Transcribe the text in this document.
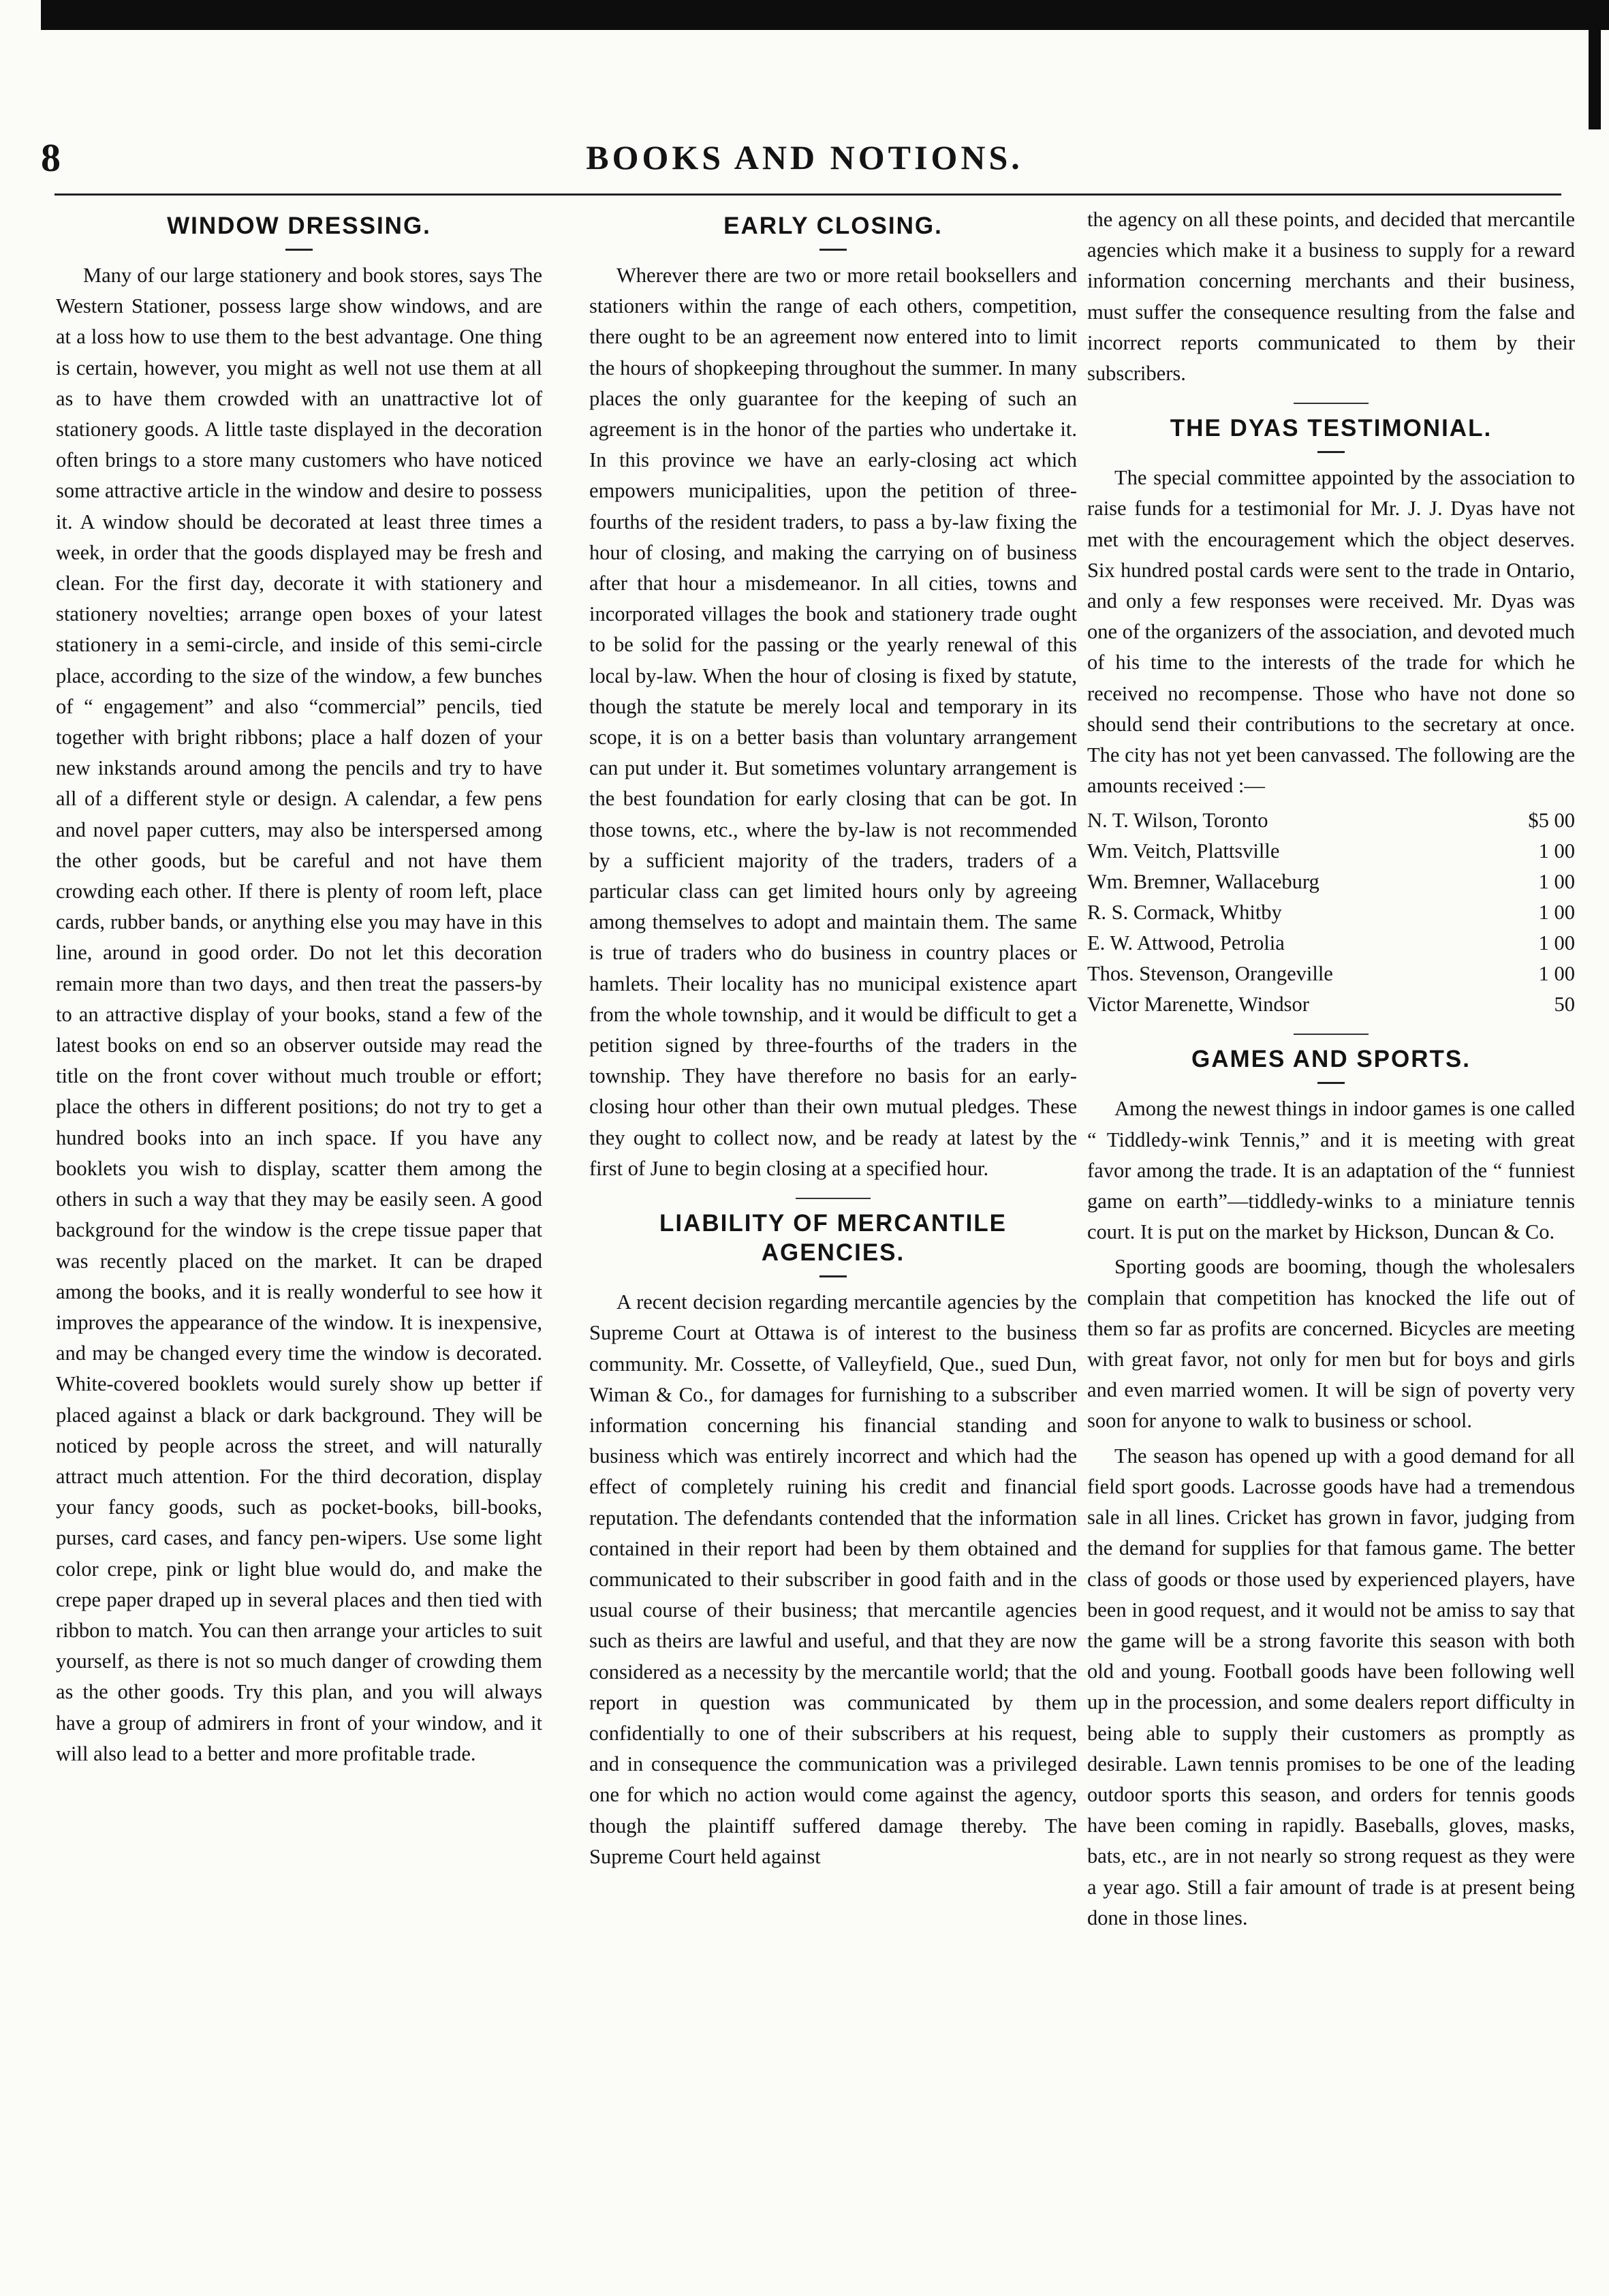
8	BOOKS AND NOTIONS.
WINDOW DRESSING.

Many of our large stationery and book stores, says The Western Stationer, possess large show windows, and are at a loss how to use them to the best advantage. One thing is certain, however, you might as well not use them at all as to have them crowded with an unattractive lot of stationery goods. A little taste displayed in the decoration often brings to a store many customers who have noticed some attractive article in the window and desire to possess it. A window should be decorated at least three times a week, in order that the goods displayed may be fresh and clean. For the first day, decorate it with stationery and stationery novelties; arrange open boxes of your latest stationery in a semi-circle, and inside of this semi-circle place, according to the size of the window, a few bunches of “ engagement” and also “commercial” pencils, tied together with bright ribbons; place a half dozen of your new inkstands around among the pencils and try to have all of a different style or design. A calendar, a few pens and novel paper cutters, may also be interspersed among the other goods, but be careful and not have them crowding each other. If there is plenty of room left, place cards, rubber bands, or anything else you may have in this line, around in good order. Do not let this decoration remain more than two days, and then treat the passers-by to an attractive display of your books, stand a few of the latest books on end so an observer outside may read the title on the front cover without much trouble or effort; place the others in different positions; do not try to get a hundred books into an inch space. If you have any booklets you wish to display, scatter them among the others in such a way that they may be easily seen. A good background for the window is the crepe tissue paper that was recently placed on the market. It can be draped among the books, and it is really wonderful to see how it improves the appearance of the window. It is inexpensive, and may be changed every time the window is decorated. White-covered booklets would surely show up better if placed against a black or dark background. They will be noticed by people across the street, and will naturally attract much attention. For the third decoration, display your fancy goods, such as pocket-books, bill-books, purses, card cases, and fancy pen-wipers. Use some light color crepe, pink or light blue would do, and make the crepe paper draped up in several places and then tied with ribbon to match. You can then arrange your articles to suit yourself, as there is not so much danger of crowding them as the other goods. Try this plan, and you will always have a group of admirers in front of your window, and it will also lead to a better and more profitable trade.

EARLY CLOSING.

Wherever there are two or more retail booksellers and stationers within the range of each others, competition, there ought to be an agreement now entered into to limit the hours of shopkeeping throughout the summer. In many places the only guarantee for the keeping of such an agreement is in the honor of the parties who undertake it. In this province we have an early-closing act which empowers municipalities, upon the petition of three-fourths of the resident traders, to pass a by-law fixing the hour of closing, and making the carrying on of business after that hour a misdemeanor. In all cities, towns and incorporated villages the book and stationery trade ought to be solid for the passing or the yearly renewal of this local by-law. When the hour of closing is fixed by statute, though the statute be merely local and temporary in its scope, it is on a better basis than voluntary arrangement can put under it. But sometimes voluntary arrangement is the best foundation for early closing that can be got. In those towns, etc., where the by-law is not recommended by a sufficient majority of the traders, traders of a particular class can get limited hours only by agreeing among themselves to adopt and maintain them. The same is true of traders who do business in country places or hamlets. Their locality has no municipal existence apart from the whole township, and it would be difficult to get a petition signed by three-fourths of the traders in the township. They have therefore no basis for an early-closing hour other than their own mutual pledges. These they ought to collect now, and be ready at latest by the first of June to begin closing at a specified hour.

LIABILITY OF MERCANTILE AGENCIES.

A recent decision regarding mercantile agencies by the Supreme Court at Ottawa is of interest to the business community. Mr. Cossette, of Valleyfield, Que., sued Dun, Wiman & Co., for damages for furnishing to a subscriber information concerning his financial standing and business which was entirely incorrect and which had the effect of completely ruining his credit and financial reputation. The defendants contended that the information contained in their report had been by them obtained and communicated to their subscriber in good faith and in the usual course of their business; that mercantile agencies such as theirs are lawful and useful, and that they are now considered as a necessity by the mercantile world; that the report in question was communicated by them confidentially to one of their subscribers at his request, and in consequence the communication was a privileged one for which no action would come against the agency, though the plaintiff suffered damage thereby. The Supreme Court held against

the agency on all these points, and decided that mercantile agencies which make it a business to supply for a reward information concerning merchants and their business, must suffer the consequence resulting from the false and incorrect reports communicated to them by their subscribers.

THE DYAS TESTIMONIAL.

The special committee appointed by the association to raise funds for a testimonial for Mr. J. J. Dyas have not met with the encouragement which the object deserves. Six hundred postal cards were sent to the trade in Ontario, and only a few responses were received. Mr. Dyas was one of the organizers of the association, and devoted much of his time to the interests of the trade for which he received no recompense. Those who have not done so should send their contributions to the secretary at once. The city has not yet been canvassed. The following are the amounts received :—

N. T. Wilson, Toronto	$5 00
Wm. Veitch, Plattsville	1 00
Wm. Bremner, Wallaceburg	1 00
R. S. Cormack, Whitby	1 00
E. W. Attwood, Petrolia	1 00
Thos. Stevenson, Orangeville	1 00
Victor Marenette, Windsor	50
GAMES AND SPORTS.

Among the newest things in indoor games is one called “ Tiddledy-wink Tennis,” and it is meeting with great favor among the trade. It is an adaptation of the “ funniest game on earth”—tiddledy-winks to a miniature tennis court. It is put on the market by Hickson, Duncan & Co.

Sporting goods are booming, though the wholesalers complain that competition has knocked the life out of them so far as profits are concerned. Bicycles are meeting with great favor, not only for men but for boys and girls and even married women. It will be sign of poverty very soon for anyone to walk to business or school.

The season has opened up with a good demand for all field sport goods. Lacrosse goods have had a tremendous sale in all lines. Cricket has grown in favor, judging from the demand for supplies for that famous game. The better class of goods or those used by experienced players, have been in good request, and it would not be amiss to say that the game will be a strong favorite this season with both old and young. Football goods have been following well up in the procession, and some dealers report difficulty in being able to supply their customers as promptly as desirable. Lawn tennis promises to be one of the leading outdoor sports this season, and orders for tennis goods have been coming in rapidly. Baseballs, gloves, masks, bats, etc., are in not nearly so strong request as they were a year ago. Still a fair amount of trade is at present being done in those lines.
